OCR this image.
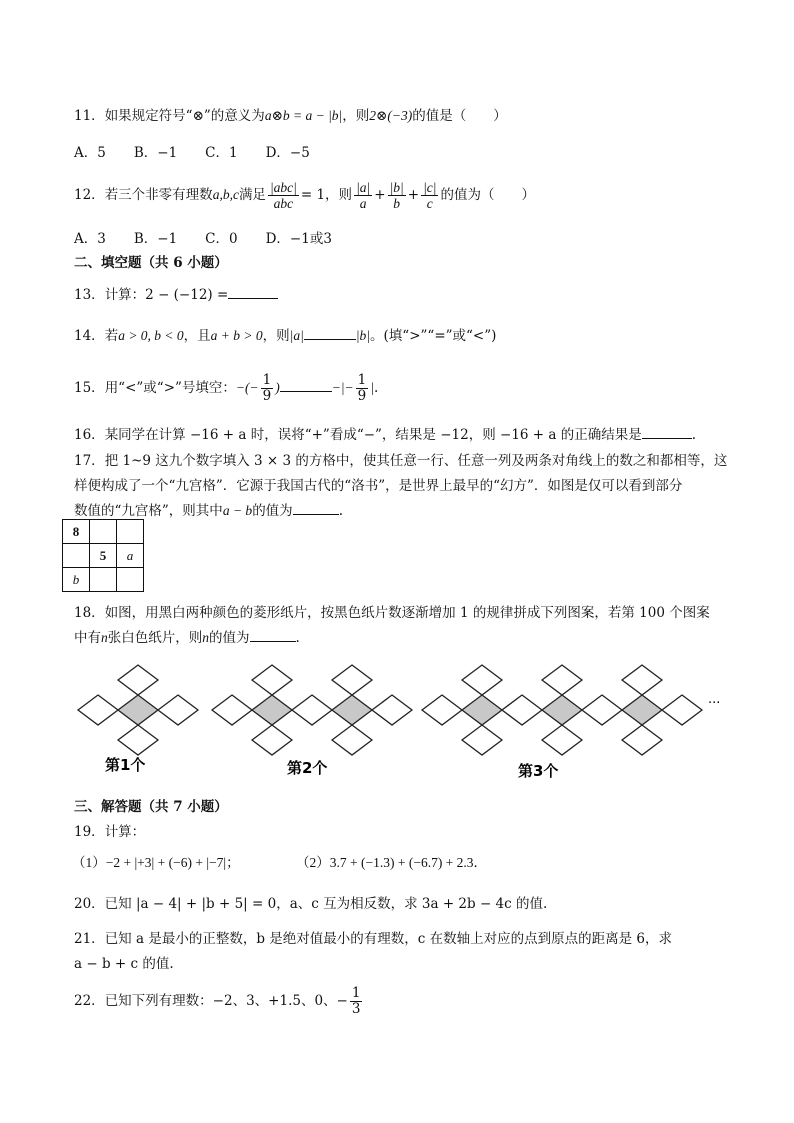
11．如果规定符号“⊗”的意义为a⊗b = a − |b|，则2⊗(−3)的值是（　　）
A．5 B．−1 C．1 D．−5
12．若三个非零有理数a,b,c满足 $\frac{\text{|abc|}}{\text{abc}} = 1$，则 $\frac{|a|}{a} + \frac{|b|}{b} + \frac{|c|}{c}$ 的值为（　　）
A．3 B．−1 C．0 D．−1或3
二、填空题（共 6 小题）
13．计算：2 − (−12) =
14．若a > 0, b < 0，且a + b > 0，则|a|	|b|。(填“>”“=”或“<”)
15．用“<”或“>”号填空：−(− $\frac{1}{9}$ )	−|− $\frac{1}{9}$ |.
16．某同学在计算 −16 + a 时，误将“+”看成“−”，结果是 −12，则 −16 + a 的正确结果是	.
17．把 1~9 这九个数字填入 3 × 3 的方格中，使其任意一行、任意一列及两条对角线上的数之和都相等，这
样便构成了一个“九宫格”．它源于我国古代的“洛书”，是世界上最早的“幻方”．如图是仅可以看到部分
数值的“九宫格”，则其中a − b的值为	.
8		
	5	a
b		
18．如图，用黑白两种颜色的菱形纸片，按黑色纸片数逐渐增加 1 的规律拼成下列图案，若第 100 个图案
中有n张白色纸片，则n的值为	.
第1个	第2个	第3个
···
三、解答题（共 7 小题）
19．计算：
（1）−2 + |+3| + (−6) + |−7|；	（2）3.7 + (−1.3) + (−6.7) + 2.3．
20．已知 |a − 4| + |b + 5| = 0，a、c 互为相反数，求 3a + 2b − 4c 的值.
21．已知 a 是最小的正整数，b 是绝对值最小的有理数，c 在数轴上对应的点到原点的距离是 6，求
a − b + c 的值.
22．已知下列有理数：−2、3、+1.5、0、− $\frac{1}{3}$
